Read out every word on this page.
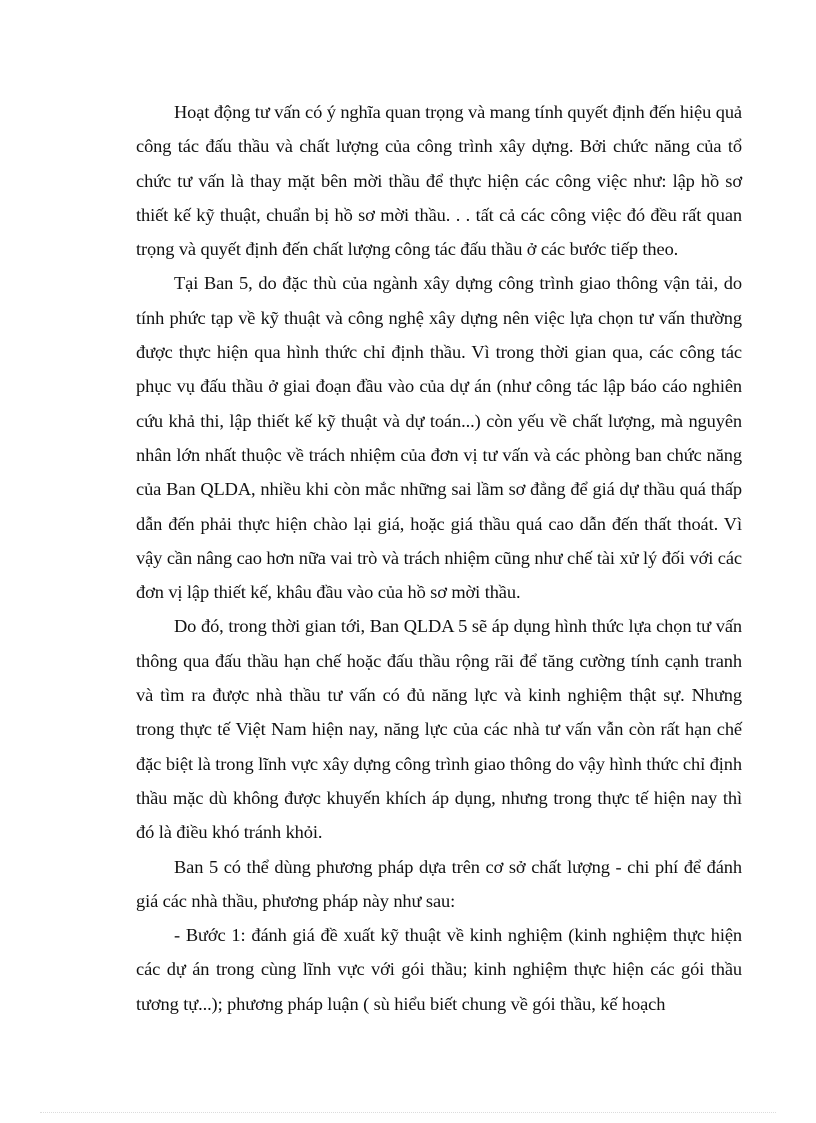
Hoạt động tư vấn có ý nghĩa quan trọng và mang tính quyết định đến hiệu quả công tác đấu thầu và chất lượng của công trình xây dựng. Bởi chức năng của tổ chức tư vấn là thay mặt bên mời thầu để thực hiện các công việc như: lập hồ sơ thiết kế kỹ thuật, chuẩn bị hồ sơ mời thầu. . . tất cả các công việc đó đều rất quan trọng và quyết định đến chất lượng công tác đấu thầu ở các bước tiếp theo.

Tại Ban 5, do đặc thù của ngành xây dựng công trình giao thông vận tải, do tính phức tạp về kỹ thuật và công nghệ xây dựng nên việc lựa chọn tư vấn thường được thực hiện qua hình thức chỉ định thầu. Vì trong thời gian qua, các công tác phục vụ đấu thầu ở giai đoạn đầu vào của dự án (như công tác lập báo cáo nghiên cứu khả thi, lập thiết kế kỹ thuật và dự toán...) còn yếu về chất lượng, mà nguyên nhân lớn nhất thuộc về trách nhiệm của đơn vị tư vấn và các phòng ban chức năng của Ban QLDA, nhiều khi còn mắc những sai lầm sơ đẳng để giá dự thầu quá thấp dẫn đến phải thực hiện chào lại giá, hoặc giá thầu quá cao dẫn đến thất thoát. Vì vậy cần nâng cao hơn nữa vai trò và trách nhiệm cũng như chế tài xử lý đối với các đơn vị lập thiết kế, khâu đầu vào của hồ sơ mời thầu.

Do đó, trong thời gian tới, Ban QLDA 5 sẽ áp dụng hình thức lựa chọn tư vấn thông qua đấu thầu hạn chế hoặc đấu thầu rộng rãi để tăng cường tính cạnh tranh và tìm ra được nhà thầu tư vấn có đủ năng lực và kinh nghiệm thật sự. Nhưng trong thực tế Việt Nam hiện nay, năng lực của các nhà tư vấn vẫn còn rất hạn chế đặc biệt là trong lĩnh vực xây dựng công trình giao thông do vậy hình thức chỉ định thầu mặc dù không được khuyến khích áp dụng, nhưng trong thực tế hiện nay thì đó là điều khó tránh khỏi.

Ban 5 có thể dùng phương pháp dựa trên cơ sở chất lượng - chi phí để đánh giá các nhà thầu, phương pháp này như sau:

- Bước 1: đánh giá đề xuất kỹ thuật về kinh nghiệm (kinh nghiệm thực hiện các dự án trong cùng lĩnh vực với gói thầu; kinh nghiệm thực hiện các gói thầu tương tự...); phương pháp luận ( sù hiểu biết chung về gói thầu, kế hoạch
